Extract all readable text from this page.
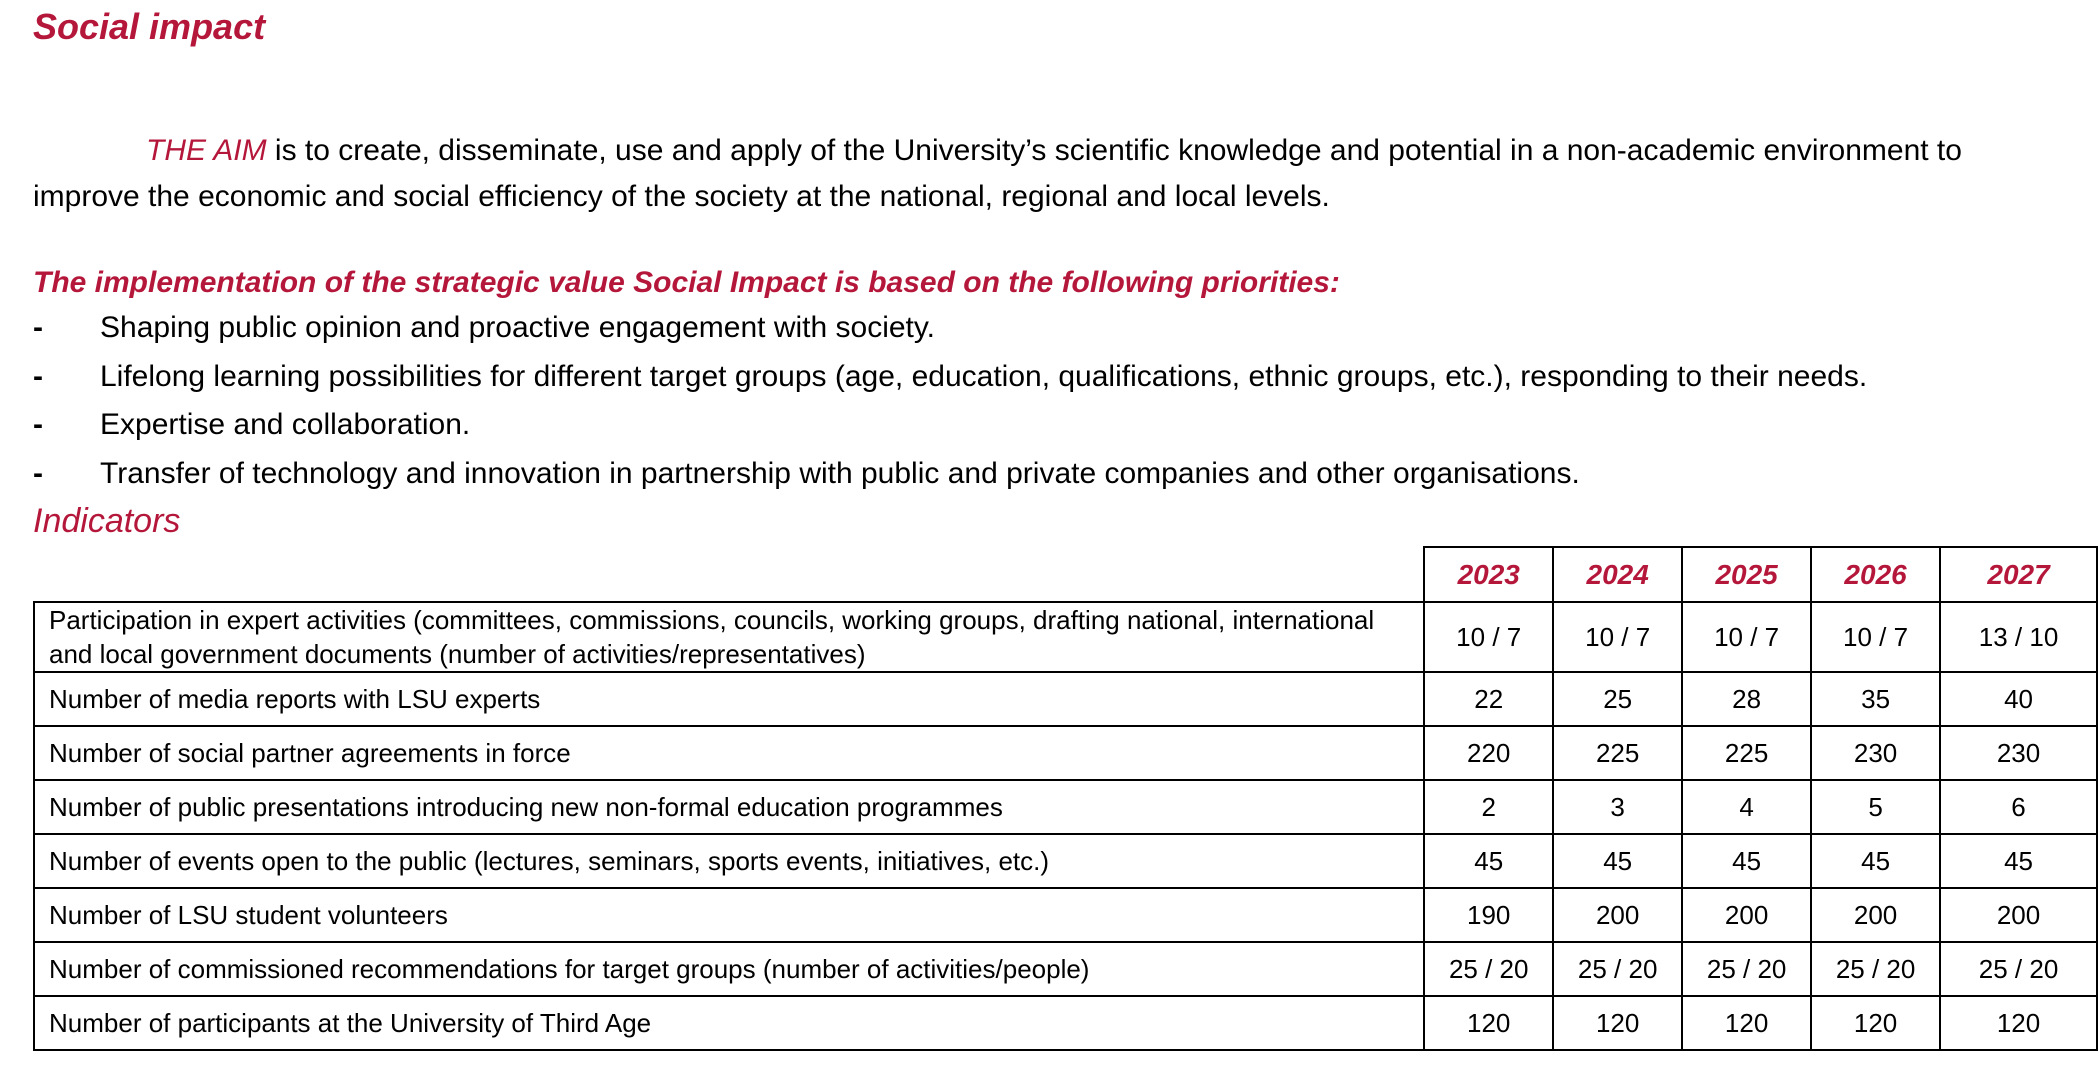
Social impact

THE AIM is to create, disseminate, use and apply of the University’s scientific knowledge and potential in a non-academic environment to improve the economic and social efficiency of the society at the national, regional and local levels.

The implementation of the strategic value Social Impact is based on the following priorities:
- Shaping public opinion and proactive engagement with society.
- Lifelong learning possibilities for different target groups (age, education, qualifications, ethnic groups, etc.), responding to their needs.
- Expertise and collaboration.
- Transfer of technology and innovation in partnership with public and private companies and other organisations.
Indicators
	2023	2024	2025	2026	2027
Participation in expert activities (committees, commissions, councils, working groups, drafting national, international and local government documents (number of activities/representatives)	10 / 7	10 / 7	10 / 7	10 / 7	13 / 10
Number of media reports with LSU experts	22	25	28	35	40
Number of social partner agreements in force	220	225	225	230	230
Number of public presentations introducing new non-formal education programmes	2	3	4	5	6
Number of events open to the public (lectures, seminars, sports events, initiatives, etc.)	45	45	45	45	45
Number of LSU student volunteers	190	200	200	200	200
Number of commissioned recommendations for target groups (number of activities/people)	25 / 20	25 / 20	25 / 20	25 / 20	25 / 20
Number of participants at the University of Third Age	120	120	120	120	120
